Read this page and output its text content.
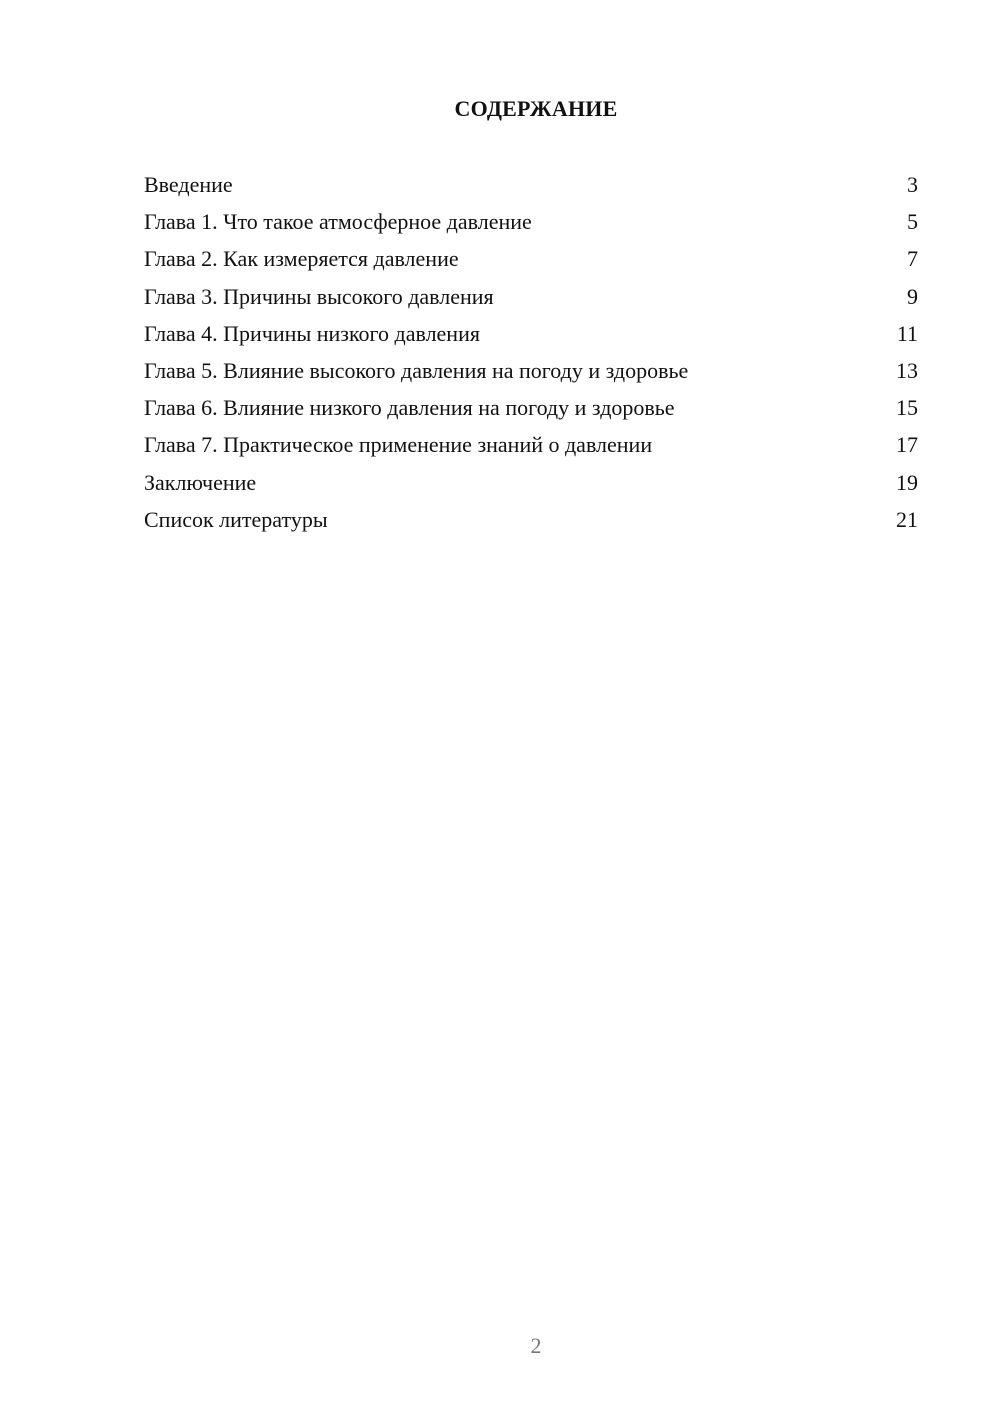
СОДЕРЖАНИЕ
Введение	3
Глава 1. Что такое атмосферное давление	5
Глава 2. Как измеряется давление	7
Глава 3. Причины высокого давления	9
Глава 4. Причины низкого давления	11
Глава 5. Влияние высокого давления на погоду и здоровье	13
Глава 6. Влияние низкого давления на погоду и здоровье	15
Глава 7. Практическое применение знаний о давлении	17
Заключение	19
Список литературы	21
2
